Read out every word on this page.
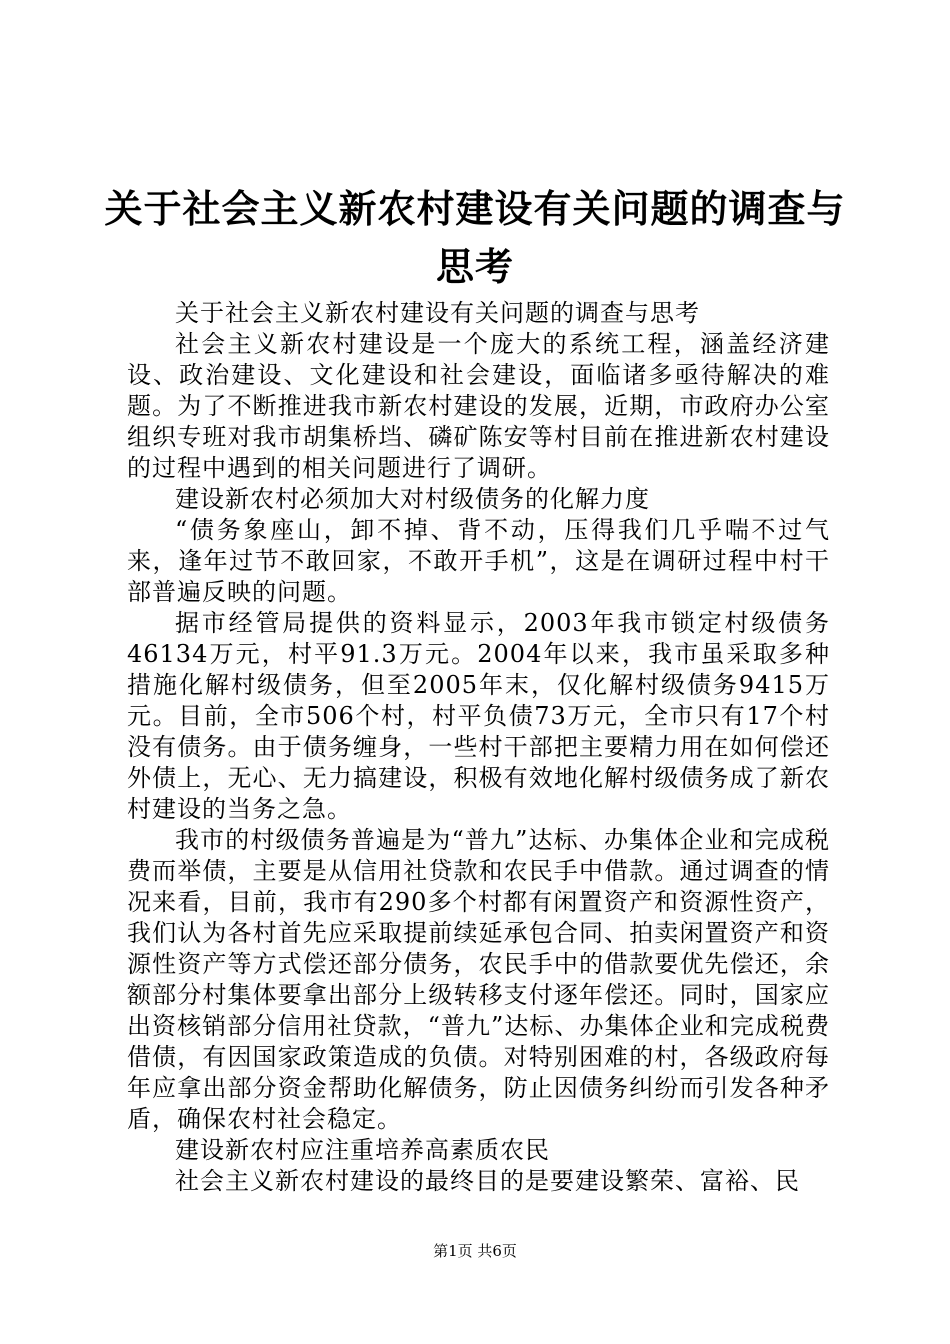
关于社会主义新农村建设有关问题的调查与思考

关于社会主义新农村建设有关问题的调查与思考

社会主义新农村建设是一个庞大的系统工程，涵盖经济建设、政治建设、文化建设和社会建设，面临诸多亟待解决的难题。为了不断推进我市新农村建设的发展，近期，市政府办公室组织专班对我市胡集桥垱、磷矿陈安等村目前在推进新农村建设的过程中遇到的相关问题进行了调研。

建设新农村必须加大对村级债务的化解力度

“债务象座山，卸不掉、背不动，压得我们几乎喘不过气来，逢年过节不敢回家，不敢开手机”，这是在调研过程中村干部普遍反映的问题。

据市经管局提供的资料显示，2003年我市锁定村级债务46134万元，村平91.3万元。2004年以来，我市虽采取多种措施化解村级债务，但至2005年末，仅化解村级债务9415万元。目前，全市506个村，村平负债73万元，全市只有17个村没有债务。由于债务缠身，一些村干部把主要精力用在如何偿还外债上，无心、无力搞建设，积极有效地化解村级债务成了新农村建设的当务之急。

我市的村级债务普遍是为“普九”达标、办集体企业和完成税费而举债，主要是从信用社贷款和农民手中借款。通过调查的情况来看，目前，我市有290多个村都有闲置资产和资源性资产，我们认为各村首先应采取提前续延承包合同、拍卖闲置资产和资源性资产等方式偿还部分债务，农民手中的借款要优先偿还，余额部分村集体要拿出部分上级转移支付逐年偿还。同时，国家应出资核销部分信用社贷款，“普九”达标、办集体企业和完成税费借债，有因国家政策造成的负债。对特别困难的村，各级政府每年应拿出部分资金帮助化解债务，防止因债务纠纷而引发各种矛盾，确保农村社会稳定。

建设新农村应注重培养高素质农民

社会主义新农村建设的最终目的是要建设繁荣、富裕、民

第1页 共6页
